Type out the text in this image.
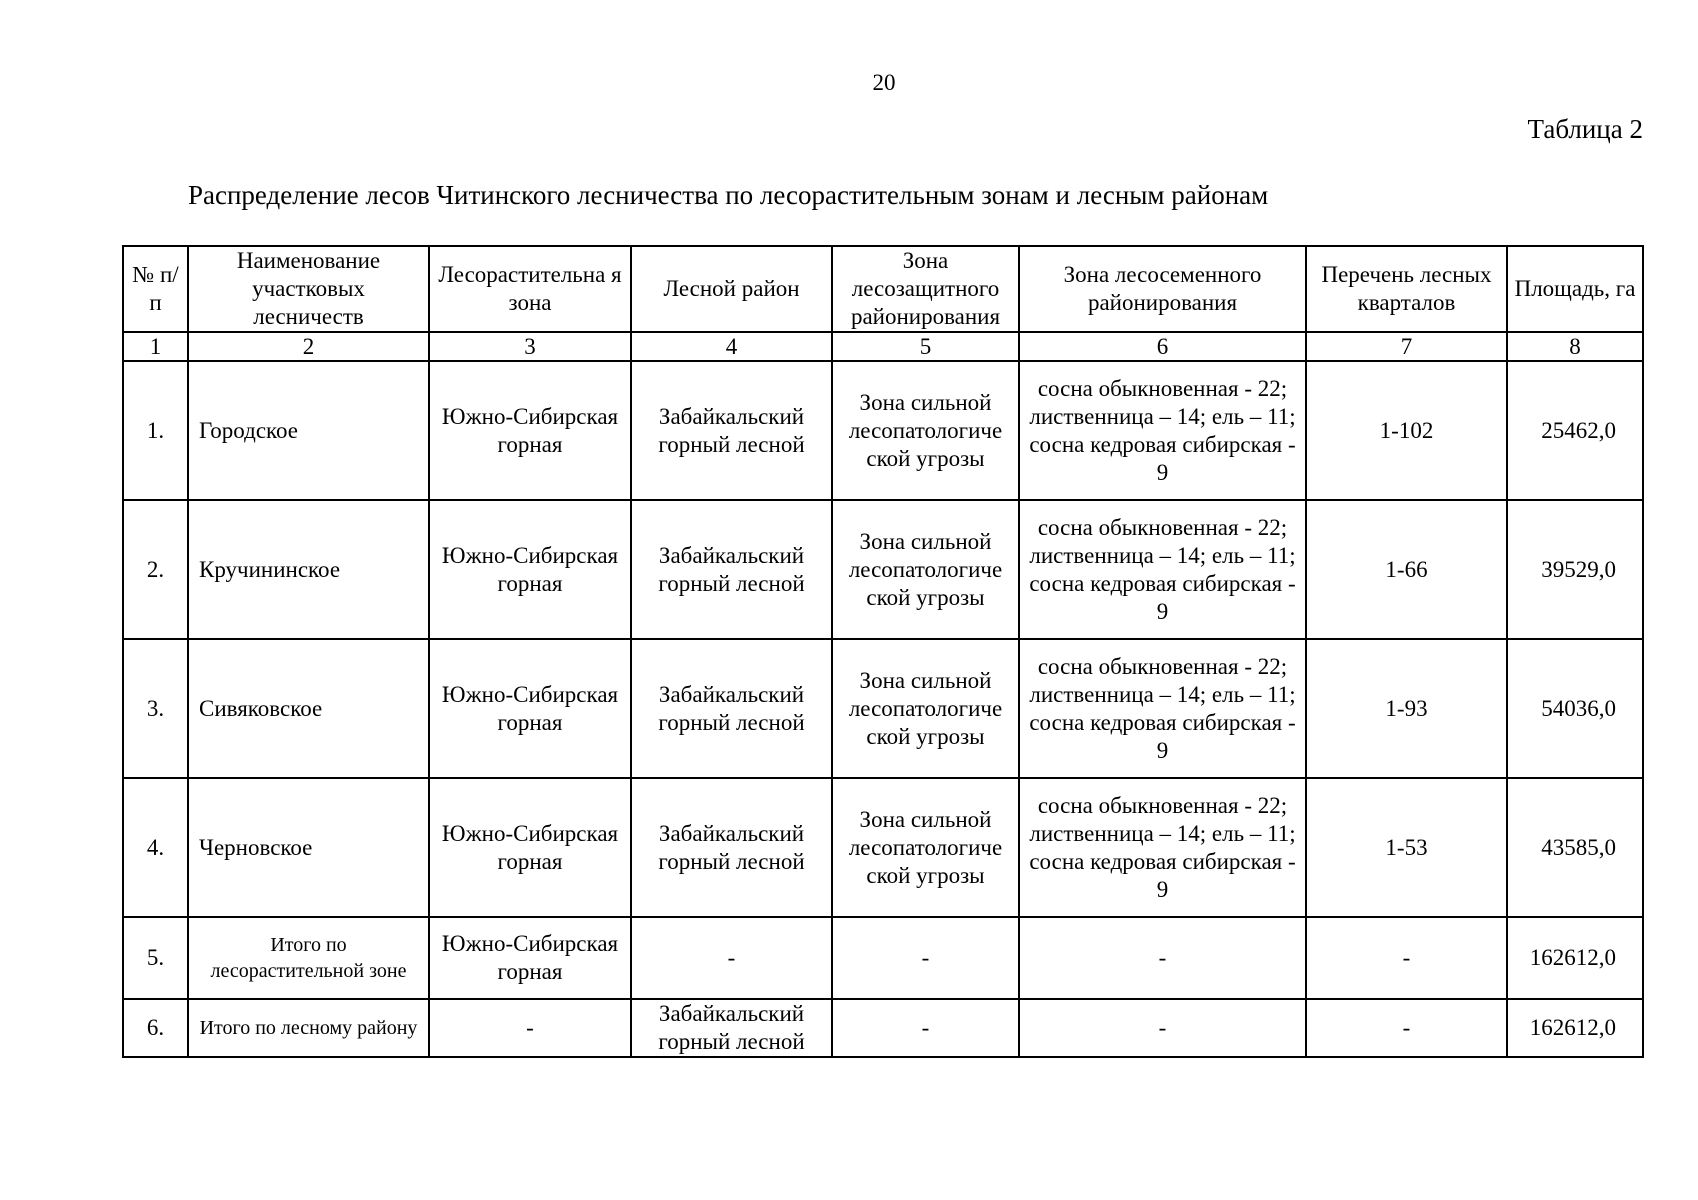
20
Таблица 2
Распределение лесов Читинского лесничества по лесорастительным зонам и лесным районам
№ п/п	Наименование участковых лесничеств	Лесорастительна я зона	Лесной район	Зона лесозащитного районирования	Зона лесосеменного районирования	Перечень лесных кварталов	Площадь, га
1	2	3	4	5	6	7	8
1.	Городское	Южно-Сибирская горная	Забайкальский горный лесной	Зона сильной лесопатологиче ской угрозы	сосна обыкновенная - 22; лиственница – 14; ель – 11; сосна кедровая сибирская - 9	1-102	25462,0
2.	Кручининское	Южно-Сибирская горная	Забайкальский горный лесной	Зона сильной лесопатологиче ской угрозы	сосна обыкновенная - 22; лиственница – 14; ель – 11; сосна кедровая сибирская - 9	1-66	39529,0
3.	Сивяковское	Южно-Сибирская горная	Забайкальский горный лесной	Зона сильной лесопатологиче ской угрозы	сосна обыкновенная - 22; лиственница – 14; ель – 11; сосна кедровая сибирская - 9	1-93	54036,0
4.	Черновское	Южно-Сибирская горная	Забайкальский горный лесной	Зона сильной лесопатологиче ской угрозы	сосна обыкновенная - 22; лиственница – 14; ель – 11; сосна кедровая сибирская - 9	1-53	43585,0
5.	Итого по лесорастительной зоне	Южно-Сибирская горная	-	-	-	-	162612,0
6.	Итого по лесному району	-	Забайкальский горный лесной	-	-	-	162612,0
